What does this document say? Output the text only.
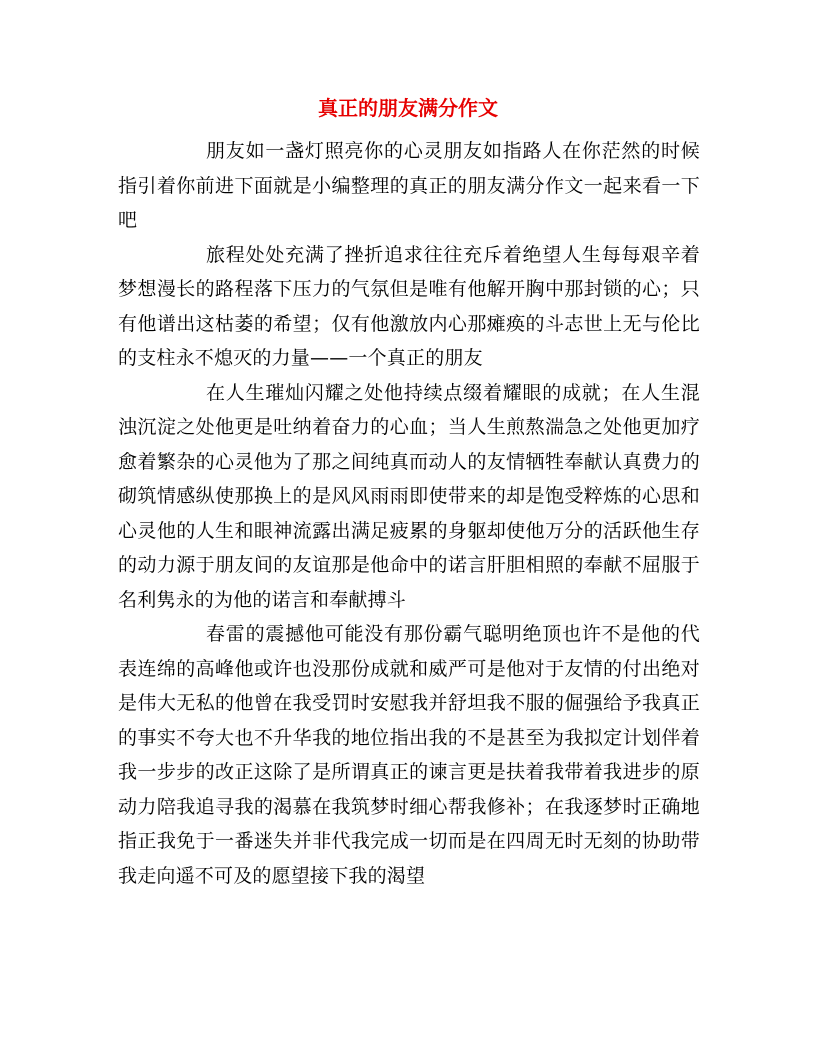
真正的朋友满分作文

朋友如一盏灯照亮你的心灵朋友如指路人在你茫然的时候指引着你前进下面就是小编整理的真正的朋友满分作文一起来看一下吧

旅程处处充满了挫折追求往往充斥着绝望人生每每艰辛着梦想漫长的路程落下压力的气氛但是唯有他解开胸中那封锁的心；只有他谱出这枯萎的希望；仅有他激放内心那瘫痪的斗志世上无与伦比的支柱永不熄灭的力量——一个真正的朋友

在人生璀灿闪耀之处他持续点缀着耀眼的成就；在人生混浊沉淀之处他更是吐纳着奋力的心血；当人生煎熬湍急之处他更加疗愈着繁杂的心灵他为了那之间纯真而动人的友情牺牲奉献认真费力的砌筑情感纵使那换上的是风风雨雨即使带来的却是饱受粹炼的心思和心灵他的人生和眼神流露出满足疲累的身躯却使他万分的活跃他生存的动力源于朋友间的友谊那是他命中的诺言肝胆相照的奉献不屈服于名利隽永的为他的诺言和奉献搏斗

春雷的震撼他可能没有那份霸气聪明绝顶也许不是他的代表连绵的高峰他或许也没那份成就和威严可是他对于友情的付出绝对是伟大无私的他曾在我受罚时安慰我并舒坦我不服的倔强给予我真正的事实不夸大也不升华我的地位指出我的不是甚至为我拟定计划伴着我一步步的改正这除了是所谓真正的谏言更是扶着我带着我进步的原动力陪我追寻我的渴慕在我筑梦时细心帮我修补；在我逐梦时正确地指正我免于一番迷失并非代我完成一切而是在四周无时无刻的协助带我走向遥不可及的愿望接下我的渴望
